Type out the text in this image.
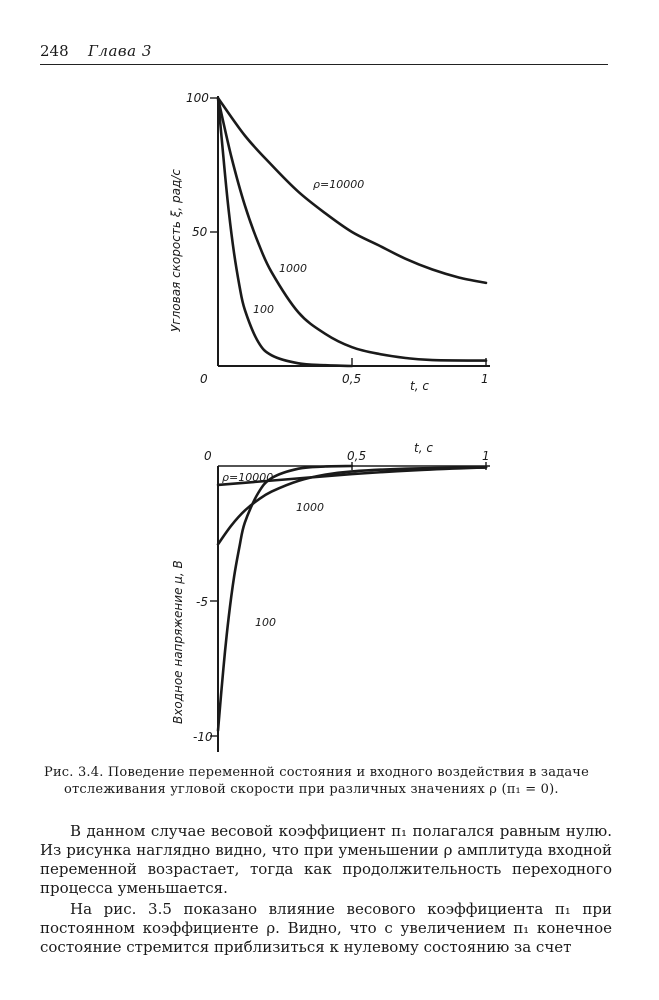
248 Глава 3
100
50
0	0,5	1
t, c
Угловая скорость ξ, рад/с	ρ=10000
1000
100
0	0,5	1
t, c
-5
-10
Входное напряжение μ, В
ρ=10000
1000
100
Рис. 3.4. Поведение переменной состояния и входного воздействия в задаче
отслеживания угловой скорости при различных значениях ρ (π₁ = 0).

В данном случае весовой коэффициент π₁ полагался равным нулю. Из рисунка наглядно видно, что при уменьшении ρ амплитуда входной переменной возрастает, тогда как продолжительность переходного процесса уменьшается.

На рис. 3.5 показано влияние весового коэффициента π₁ при постоянном коэффициенте ρ. Видно, что с увеличением π₁ конечное состояние стремится приблизиться к нулевому состоянию за счет
